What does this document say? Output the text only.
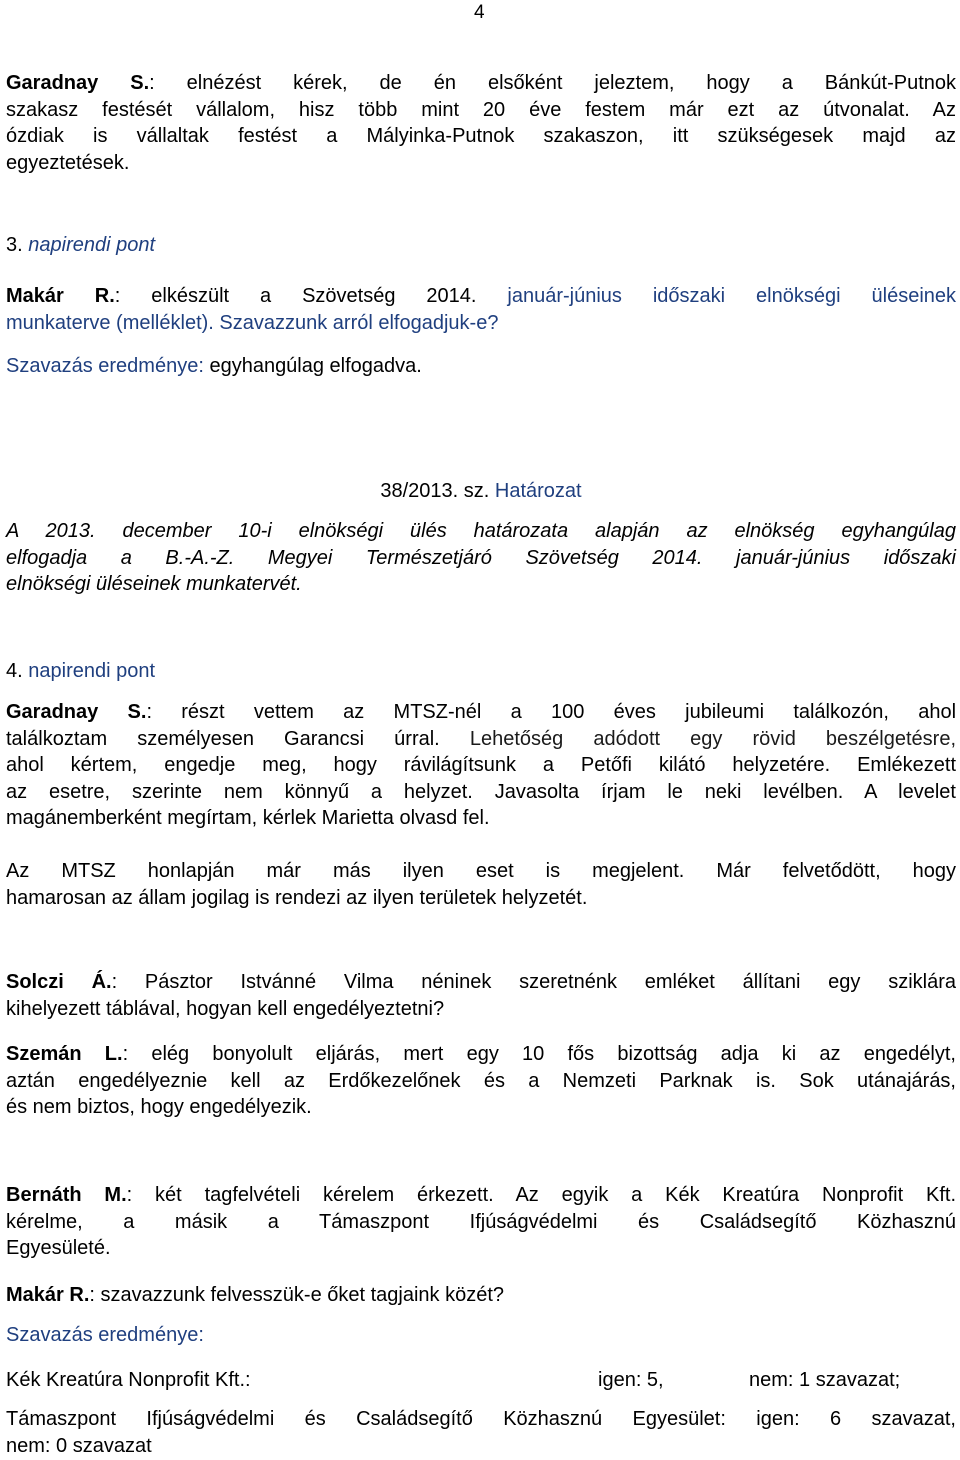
4
Garadnay S.: elnézést kérek, de én elsőként jeleztem, hogy a Bánkút-Putnok
szakasz festését vállalom, hisz több mint 20 éve festem már ezt az útvonalat. Az
ózdiak is vállaltak festést a Mályinka-Putnok szakaszon, itt szükségesek majd az
egyeztetések.
3. napirendi pont
Makár R.: elkészült a Szövetség 2014. január-június időszaki elnökségi üléseinek
munkaterve (melléklet). Szavazzunk arról elfogadjuk-e?
Szavazás eredménye: egyhangúlag elfogadva.
38/2013. sz. Határozat
A 2013. december 10-i elnökségi ülés határozata alapján az elnökség egyhangúlag
elfogadja a B.-A.-Z. Megyei Természetjáró Szövetség 2014. január-június időszaki
elnökségi üléseinek munkatervét.
4. napirendi pont
Garadnay S.: részt vettem az MTSZ-nél a 100 éves jubileumi találkozón, ahol
találkoztam személyesen Garancsi úrral. Lehetőség adódott egy rövid beszélgetésre,
ahol kértem, engedje meg, hogy rávilágítsunk a Petőfi kilátó helyzetére. Emlékezett
az esetre, szerinte nem könnyű a helyzet. Javasolta írjam le neki levélben. A levelet
magánemberként megírtam, kérlek Marietta olvasd fel.
Az MTSZ honlapján már más ilyen eset is megjelent. Már felvetődött, hogy
hamarosan az állam jogilag is rendezi az ilyen területek helyzetét.
Solczi Á.: Pásztor Istvánné Vilma néninek szeretnénk emléket állítani egy sziklára
kihelyezett táblával, hogyan kell engedélyeztetni?
Szemán L.: elég bonyolult eljárás, mert egy 10 fős bizottság adja ki az engedélyt,
aztán engedélyeznie kell az Erdőkezelőnek és a Nemzeti Parknak is. Sok utánajárás,
és nem biztos, hogy engedélyezik.
Bernáth M.: két tagfelvételi kérelem érkezett. Az egyik a Kék Kreatúra Nonprofit Kft.
kérelme, a másik a Támaszpont Ifjúságvédelmi és Családsegítő Közhasznú
Egyesületé.
Makár R.: szavazzunk felvesszük-e őket tagjaink közét?
Szavazás eredménye:
Kék Kreatúra Nonprofit Kft.:	igen: 5,	nem: 1 szavazat;
Támaszpont Ifjúságvédelmi és Családsegítő Közhasznú Egyesület: igen: 6 szavazat,
nem: 0 szavazat
